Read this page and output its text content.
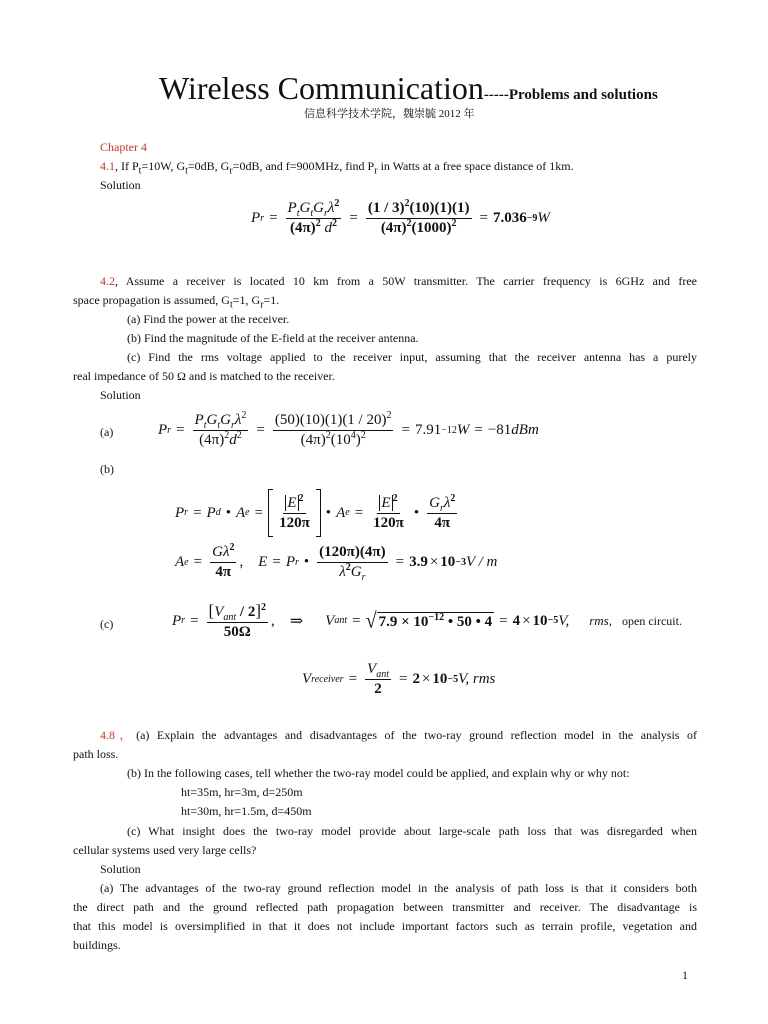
Wireless Communication-----Problems and solutions
信息科学技术学院，魏崇毓 2012 年
Chapter 4
4.1, If $P_t=10W$, $G_t=0dB$, $G_r=0dB$, and f=900MHz, find $P_r$ in Watts at a free space distance of 1km.
Solution
P $r = \frac{P_tG_tG_r\lambda^2}{(4\pi)^2 d^2} = \frac{(1 / 3)^2(10)(1)(1)}{(4\pi)^2(1000)^2} = 7.036 -9$ W
4.2, Assume a receiver is located 10 km from a 50W transmitter. The carrier frequency is 6GHz and free
space propagation is assumed, $G_t=1$, $G_r=1$.
(a) Find the power at the receiver.
(b) Find the magnitude of the E-field at the receiver antenna.
(c) Find the rms voltage applied to the receiver input, assuming that the receiver antenna has a purely
real impedance of 50 Ω and is matched to the receiver.
Solution
(a)	P $r = \frac{P_tG_tG_r\lambda^2}{(4\pi)^2d^2} = \frac{(50)(10)(1)(1 / 20)^2}{(4\pi)^2(10^4)^2} = 7.91 -12$ W = −81 dBm
(b)
P r = P d • A $e = \frac{E ^2}{120\pi}$ • A $e = \frac{E ^2}{120\pi}$ • $\frac{G_r\lambda^2}{4\pi}$
A $e = \frac{G\lambda^2}{4\pi}$ , E = P r • $\frac{(120\pi)(4\pi)}{\lambda^2G_r} = 3.9 \times 10 -3$ V / m
(c)	P $r = \frac{[V_{ant} / 2]^2}{50\Omega}$ , ⇒ V ant = √ $7.9 \times 10^{-12}$ • 50 • 4 = 4 × 10 −5 V, rms, open circuit.
V receiver = $\frac{V_{ant}}{2} = 2 \times 10 -5$ V, rms
4.8，(a) Explain the advantages and disadvantages of the two-ray ground reflection model in the analysis of
path loss.
(b) In the following cases, tell whether the two-ray model could be applied, and explain why or why not:
ht=35m, hr=3m, d=250m
ht=30m, hr=1.5m, d=450m
(c) What insight does the two-ray model provide about large-scale path loss that was disregarded when
cellular systems used very large cells?
Solution
(a) The advantages of the two-ray ground reflection model in the analysis of path loss is that it considers both
the direct path and the ground reflected path propagation between transmitter and receiver. The disadvantage is
that this model is oversimplified in that it does not include important factors such as terrain profile, vegetation and
buildings.
1
